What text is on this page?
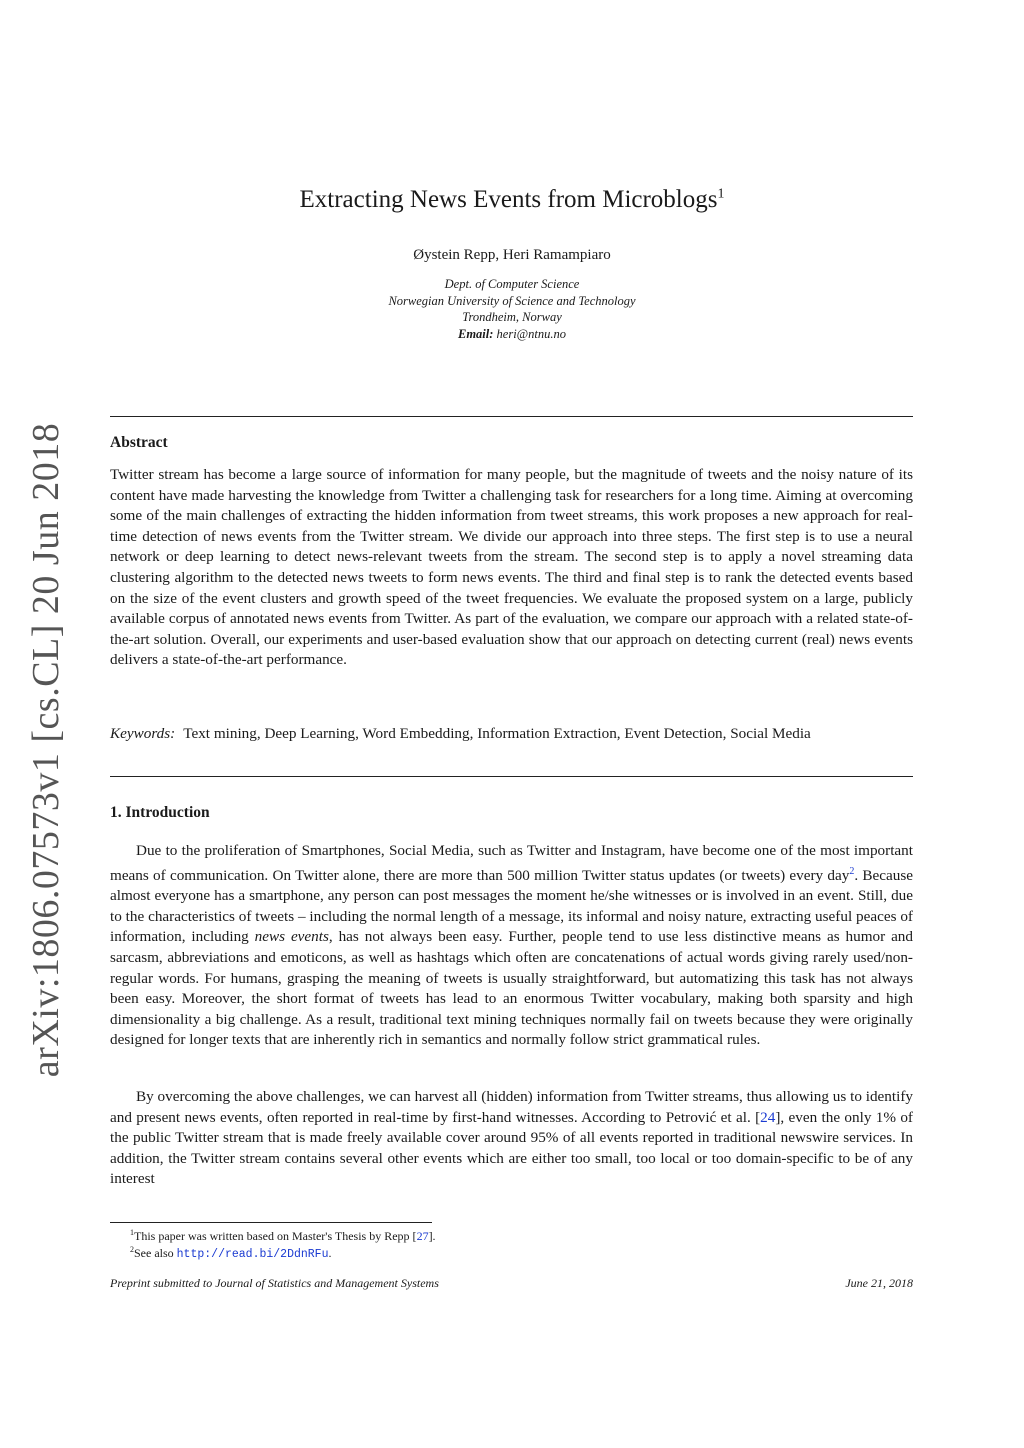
arXiv:1806.07573v1 [cs.CL] 20 Jun 2018
Extracting News Events from Microblogs$^1$
Øystein Repp, Heri Ramampiaro
Dept. of Computer Science
Norwegian University of Science and Technology
Trondheim, Norway
Email: heri@ntnu.no
Abstract
Twitter stream has become a large source of information for many people, but the magnitude of tweets and the noisy nature of its content have made harvesting the knowledge from Twitter a challenging task for researchers for a long time. Aiming at overcoming some of the main challenges of extracting the hidden information from tweet streams, this work proposes a new approach for real-time detection of news events from the Twitter stream. We divide our approach into three steps. The first step is to use a neural network or deep learning to detect news-relevant tweets from the stream. The second step is to apply a novel streaming data clustering algorithm to the detected news tweets to form news events. The third and final step is to rank the detected events based on the size of the event clusters and growth speed of the tweet frequencies. We evaluate the proposed system on a large, publicly available corpus of annotated news events from Twitter. As part of the evaluation, we compare our approach with a related state-of-the-art solution. Overall, our experiments and user-based evaluation show that our approach on detecting current (real) news events delivers a state-of-the-art performance.
Keywords: Text mining, Deep Learning, Word Embedding, Information Extraction, Event Detection, Social Media
1. Introduction
Due to the proliferation of Smartphones, Social Media, such as Twitter and Instagram, have become one of the most important means of communication. On Twitter alone, there are more than 500 million Twitter status updates (or tweets) every day$^2$. Because almost everyone has a smartphone, any person can post messages the moment he/she witnesses or is involved in an event. Still, due to the characteristics of tweets – including the normal length of a message, its informal and noisy nature, extracting useful peaces of information, including news events, has not always been easy. Further, people tend to use less distinctive means as humor and sarcasm, abbreviations and emoticons, as well as hashtags which often are concatenations of actual words giving rarely used/non-regular words. For humans, grasping the meaning of tweets is usually straightforward, but automatizing this task has not always been easy. Moreover, the short format of tweets has lead to an enormous Twitter vocabulary, making both sparsity and high dimensionality a big challenge. As a result, traditional text mining techniques normally fail on tweets because they were originally designed for longer texts that are inherently rich in semantics and normally follow strict grammatical rules.
By overcoming the above challenges, we can harvest all (hidden) information from Twitter streams, thus allowing us to identify and present news events, often reported in real-time by first-hand witnesses. According to Petrović et al. [24], even the only 1% of the public Twitter stream that is made freely available cover around 95% of all events reported in traditional newswire services. In addition, the Twitter stream contains several other events which are either too small, too local or too domain-specific to be of any interest
$^1$This paper was written based on Master's Thesis by Repp [27].
$^2$See also http://read.bi/2DdnRFu.
Preprint submitted to Journal of Statistics and Management Systems	June 21, 2018
